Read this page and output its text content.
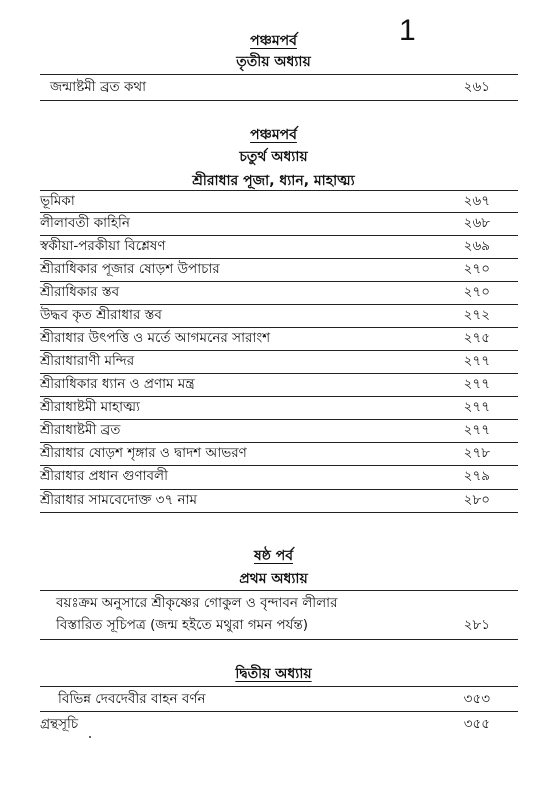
1
পঞ্চমপর্ব
তৃতীয় অধ্যায়
জন্মাষ্টমী ব্রত কথা	২৬১
পঞ্চমপর্ব
চতুর্থ অধ্যায়
শ্রীরাধার পূজা, ধ্যান, মাহাত্ম্য
ভূমিকা	২৬৭
লীলাবতী কাহিনি	২৬৮
স্বকীয়া-পরকীয়া বিশ্লেষণ	২৬৯
শ্রীরাধিকার পূজার ষোড়শ উপাচার	২৭০
শ্রীরাধিকার স্তব	২৭০
উদ্ধব কৃত শ্রীরাধার স্তব	২৭২
শ্রীরাধার উৎপত্তি ও মর্তে আগমনের সারাংশ	২৭৫
শ্রীরাধারাণী মন্দির	২৭৭
শ্রীরাধিকার ধ্যান ও প্রণাম মন্ত্র	২৭৭
শ্রীরাধাষ্টমী মাহাত্ম্য	২৭৭
শ্রীরাধাষ্টমী ব্রত	২৭৭
শ্রীরাধার ষোড়শ শৃঙ্গার ও দ্বাদশ আভরণ	২৭৮
শ্রীরাধার প্রধান গুণাবলী	২৭৯
শ্রীরাধার সামবেদোক্ত ৩৭ নাম	২৮০
ষষ্ঠ পর্ব
প্রথম অধ্যায়
বয়ঃক্রম অনুসারে শ্রীকৃষ্ণের গোকুল ও বৃন্দাবন লীলার
বিস্তারিত সূচিপত্র (জন্ম হইতে মথুরা গমন পর্যন্ত)	২৮১
দ্বিতীয় অধ্যায়
বিভিন্ন দেবদেবীর বাহন বর্ণন	৩৫৩
গ্রন্থসূচি	৩৫৫
